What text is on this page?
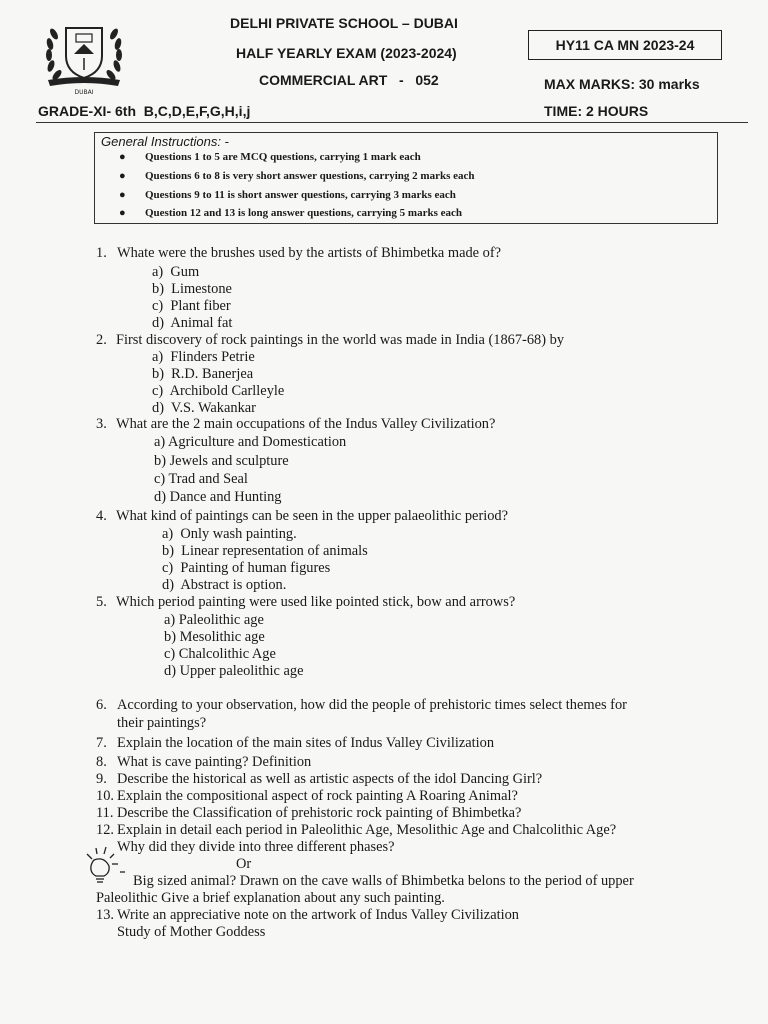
DUBAI
DELHI PRIVATE SCHOOL – DUBAI
HALF YEARLY EXAM (2023-2024)
COMMERCIAL ART   -   052
HY11 CA MN 2023-24
MAX MARKS: 30 marks
GRADE-XI- 6th  B,C,D,E,F,G,H,i,j	TIME: 2 HOURS
General Instructions: -
● Questions 1 to 5 are MCQ questions, carrying 1 mark each
● Questions 6 to 8 is very short answer questions, carrying 2 marks each
● Questions 9 to 11 is short answer questions, carrying 3 marks each
● Question 12 and 13 is long answer questions, carrying 5 marks each
1. Whate were the brushes used by the artists of Bhimbetka made of?
a)  Gum
b)  Limestone
c)  Plant fiber
d)  Animal fat
2. First discovery of rock paintings in the world was made in India (1867-68) by
a)  Flinders Petrie
b)  R.D. Banerjea
c)  Archibold Carlleyle
d)  V.S. Wakankar
3. What are the 2 main occupations of the Indus Valley Civilization?
a) Agriculture and Domestication
b) Jewels and sculpture
c) Trad and Seal
d) Dance and Hunting
4. What kind of paintings can be seen in the upper palaeolithic period?
a)  Only wash painting.
b)  Linear representation of animals
c)  Painting of human figures
d)  Abstract is option.
5. Which period painting were used like pointed stick, bow and arrows?
a) Paleolithic age
b) Mesolithic age
c) Chalcolithic Age
d) Upper paleolithic age
6. According to your observation, how did the people of prehistoric times select themes for
their paintings?
7. Explain the location of the main sites of Indus Valley Civilization
8. What is cave painting? Definition
9. Describe the historical as well as artistic aspects of the idol Dancing Girl?
10. Explain the compositional aspect of rock painting A Roaring Animal?
11. Describe the Classification of prehistoric rock painting of Bhimbetka?
12. Explain in detail each period in Paleolithic Age, Mesolithic Age and Chalcolithic Age?
Why did they divide into three different phases?
Or
Big sized animal? Drawn on the cave walls of Bhimbetka belons to the period of upper
Paleolithic Give a brief explanation about any such painting.
13. Write an appreciative note on the artwork of Indus Valley Civilization
Study of Mother Goddess
